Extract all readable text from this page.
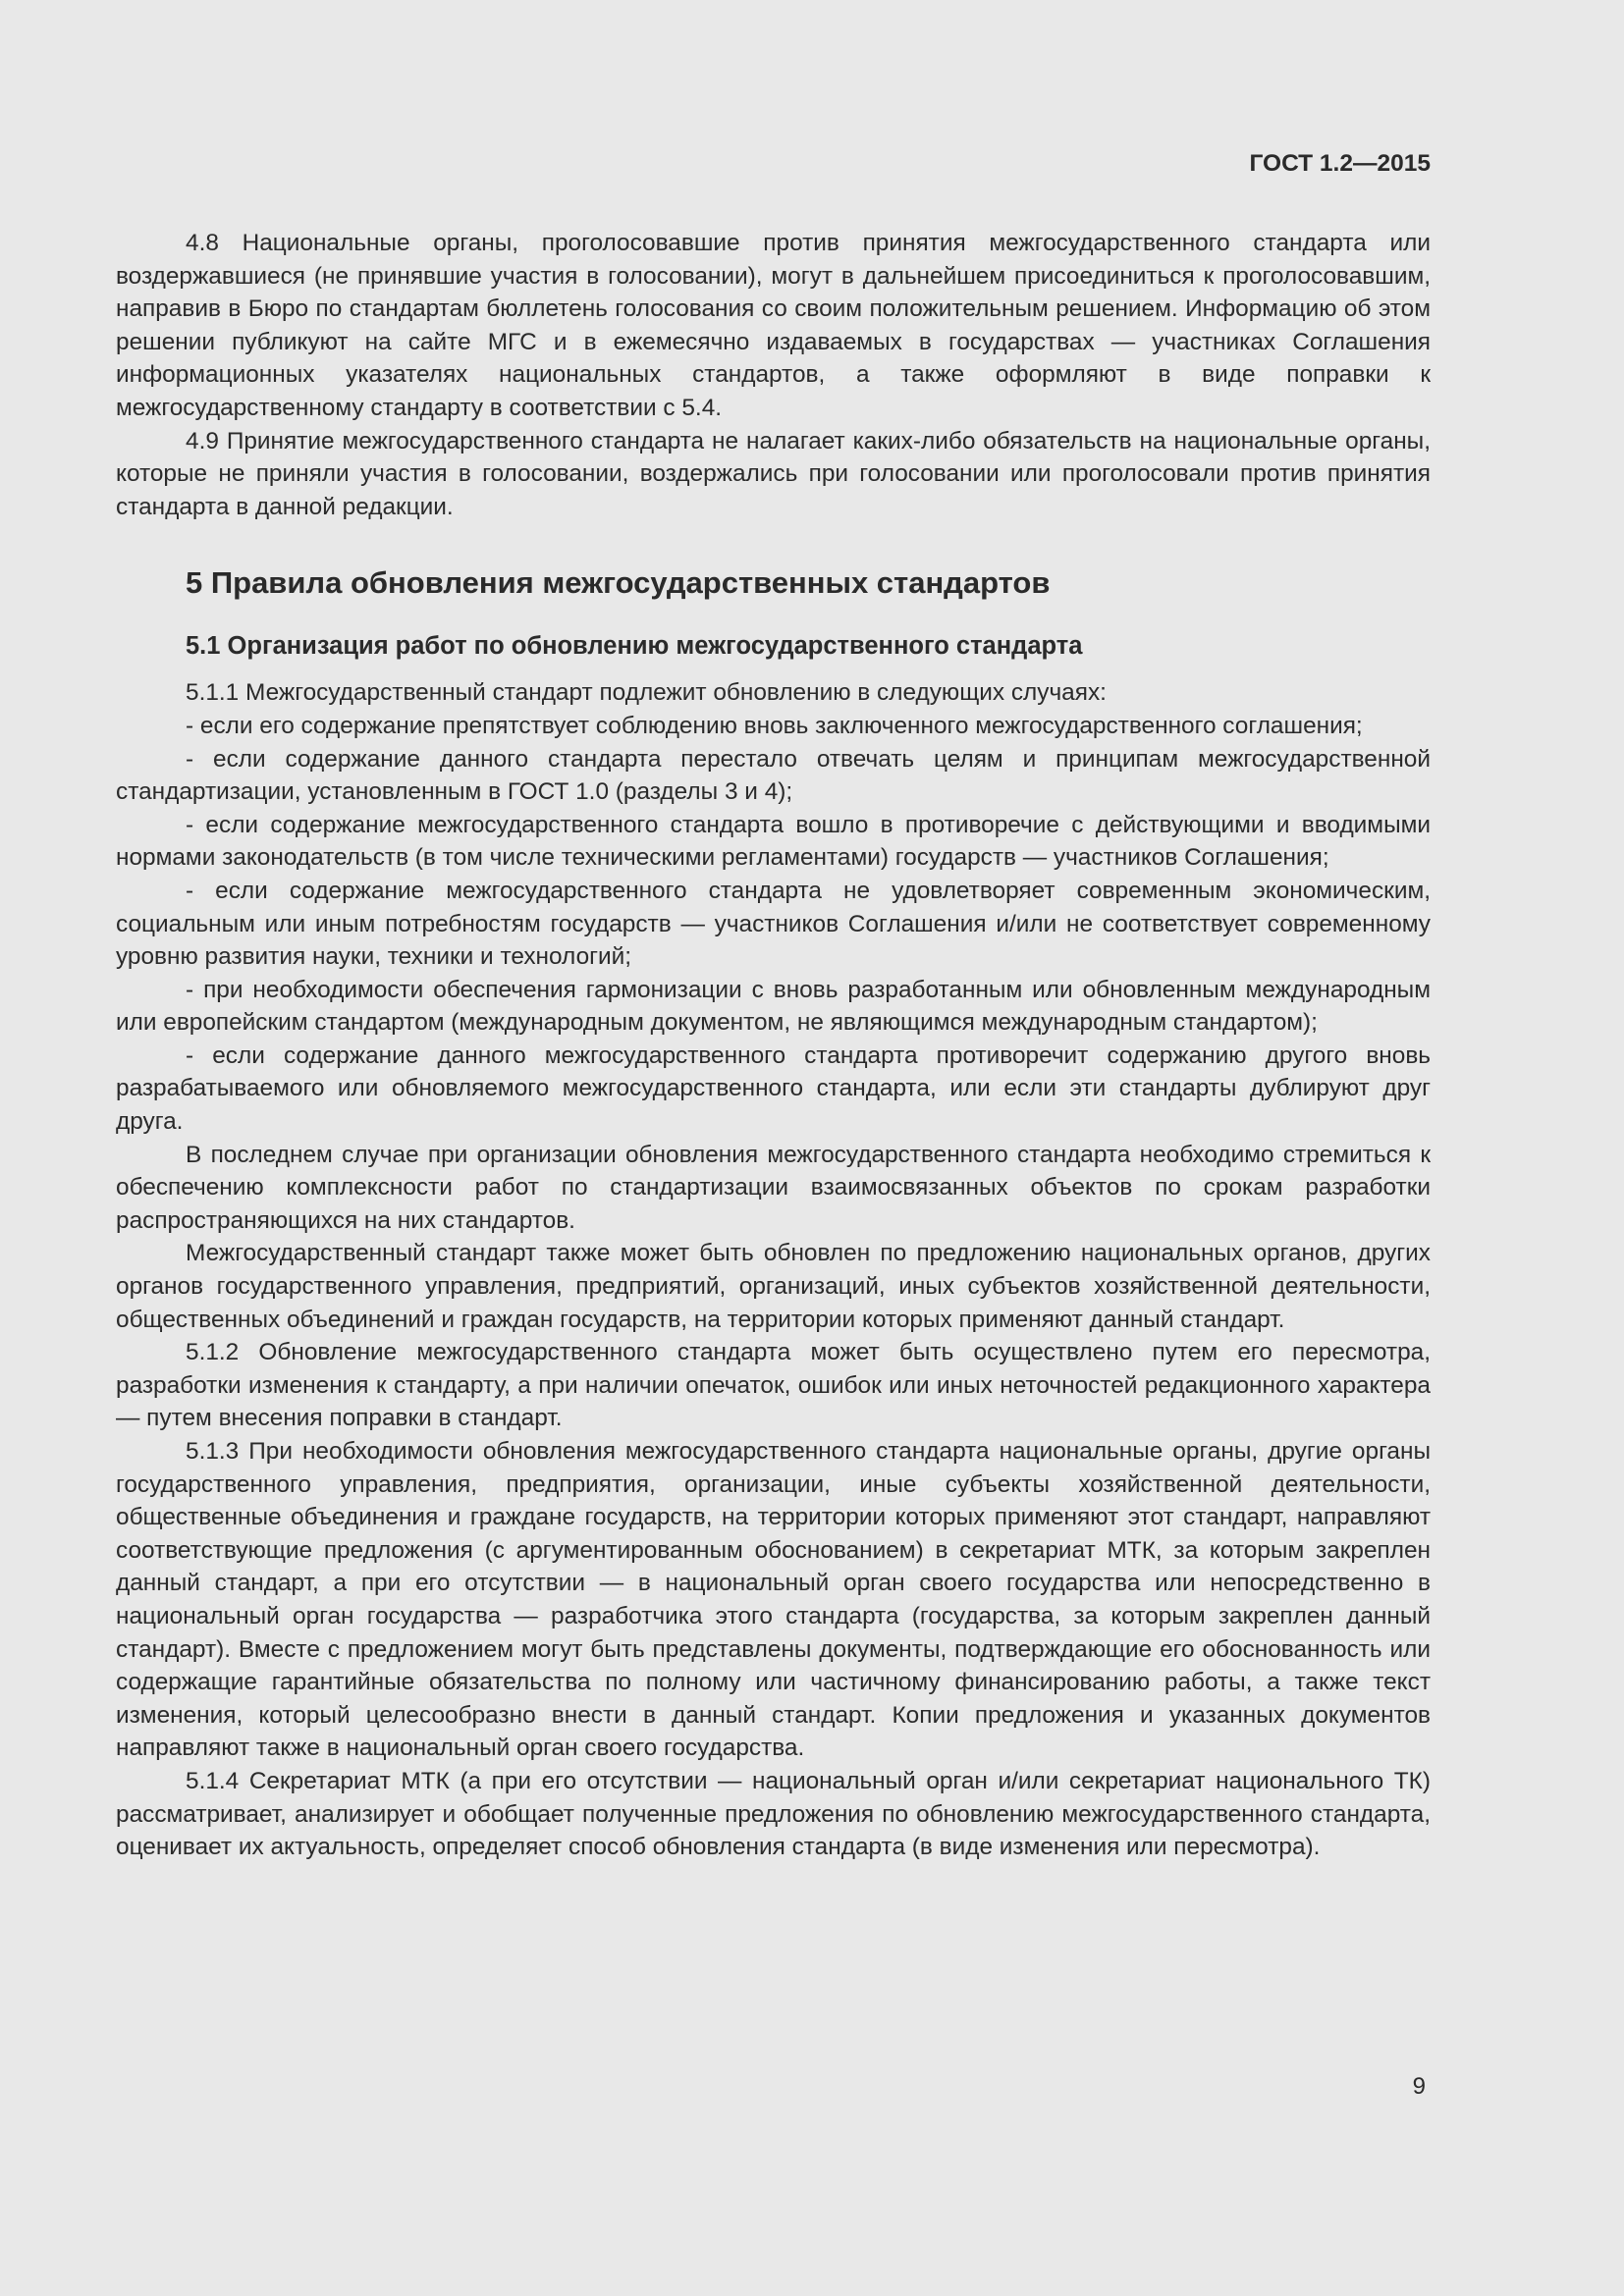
ГОСТ 1.2—2015

4.8 Национальные органы, проголосовавшие против принятия межгосударственного стандарта или воздержавшиеся (не принявшие участия в голосовании), могут в дальнейшем присоединиться к проголосовавшим, направив в Бюро по стандартам бюллетень голосования со своим положительным решением. Информацию об этом решении публикуют на сайте МГС и в ежемесячно издаваемых в государствах — участниках Соглашения информационных указателях национальных стандартов, а также оформляют в виде поправки к межгосударственному стандарту в соответствии с 5.4.

4.9 Принятие межгосударственного стандарта не налагает каких-либо обязательств на национальные органы, которые не приняли участия в голосовании, воздержались при голосовании или проголосовали против принятия стандарта в данной редакции.

5 Правила обновления межгосударственных стандартов
5.1 Организация работ по обновлению межгосударственного стандарта

5.1.1 Межгосударственный стандарт подлежит обновлению в следующих случаях:

- если его содержание препятствует соблюдению вновь заключенного межгосударственного соглашения;

- если содержание данного стандарта перестало отвечать целям и принципам межгосударственной стандартизации, установленным в ГОСТ 1.0 (разделы 3 и 4);

- если содержание межгосударственного стандарта вошло в противоречие с действующими и вводимыми нормами законодательств (в том числе техническими регламентами) государств — участников Соглашения;

- если содержание межгосударственного стандарта не удовлетворяет современным экономическим, социальным или иным потребностям государств — участников Соглашения и/или не соответствует современному уровню развития науки, техники и технологий;

- при необходимости обеспечения гармонизации с вновь разработанным или обновленным международным или европейским стандартом (международным документом, не являющимся международным стандартом);

- если содержание данного межгосударственного стандарта противоречит содержанию другого вновь разрабатываемого или обновляемого межгосударственного стандарта, или если эти стандарты дублируют друг друга.

В последнем случае при организации обновления межгосударственного стандарта необходимо стремиться к обеспечению комплексности работ по стандартизации взаимосвязанных объектов по срокам разработки распространяющихся на них стандартов.

Межгосударственный стандарт также может быть обновлен по предложению национальных органов, других органов государственного управления, предприятий, организаций, иных субъектов хозяйственной деятельности, общественных объединений и граждан государств, на территории которых применяют данный стандарт.

5.1.2 Обновление межгосударственного стандарта может быть осуществлено путем его пересмотра, разработки изменения к стандарту, а при наличии опечаток, ошибок или иных неточностей редакционного характера — путем внесения поправки в стандарт.

5.1.3 При необходимости обновления межгосударственного стандарта национальные органы, другие органы государственного управления, предприятия, организации, иные субъекты хозяйственной деятельности, общественные объединения и граждане государств, на территории которых применяют этот стандарт, направляют соответствующие предложения (с аргументированным обоснованием) в секретариат МТК, за которым закреплен данный стандарт, а при его отсутствии — в национальный орган своего государства или непосредственно в национальный орган государства — разработчика этого стандарта (государства, за которым закреплен данный стандарт). Вместе с предложением могут быть представлены документы, подтверждающие его обоснованность или содержащие гарантийные обязательства по полному или частичному финансированию работы, а также текст изменения, который целесообразно внести в данный стандарт. Копии предложения и указанных документов направляют также в национальный орган своего государства.

5.1.4 Секретариат МТК (а при его отсутствии — национальный орган и/или секретариат национального ТК) рассматривает, анализирует и обобщает полученные предложения по обновлению межгосударственного стандарта, оценивает их актуальность, определяет способ обновления стандарта (в виде изменения или пересмотра).

9
